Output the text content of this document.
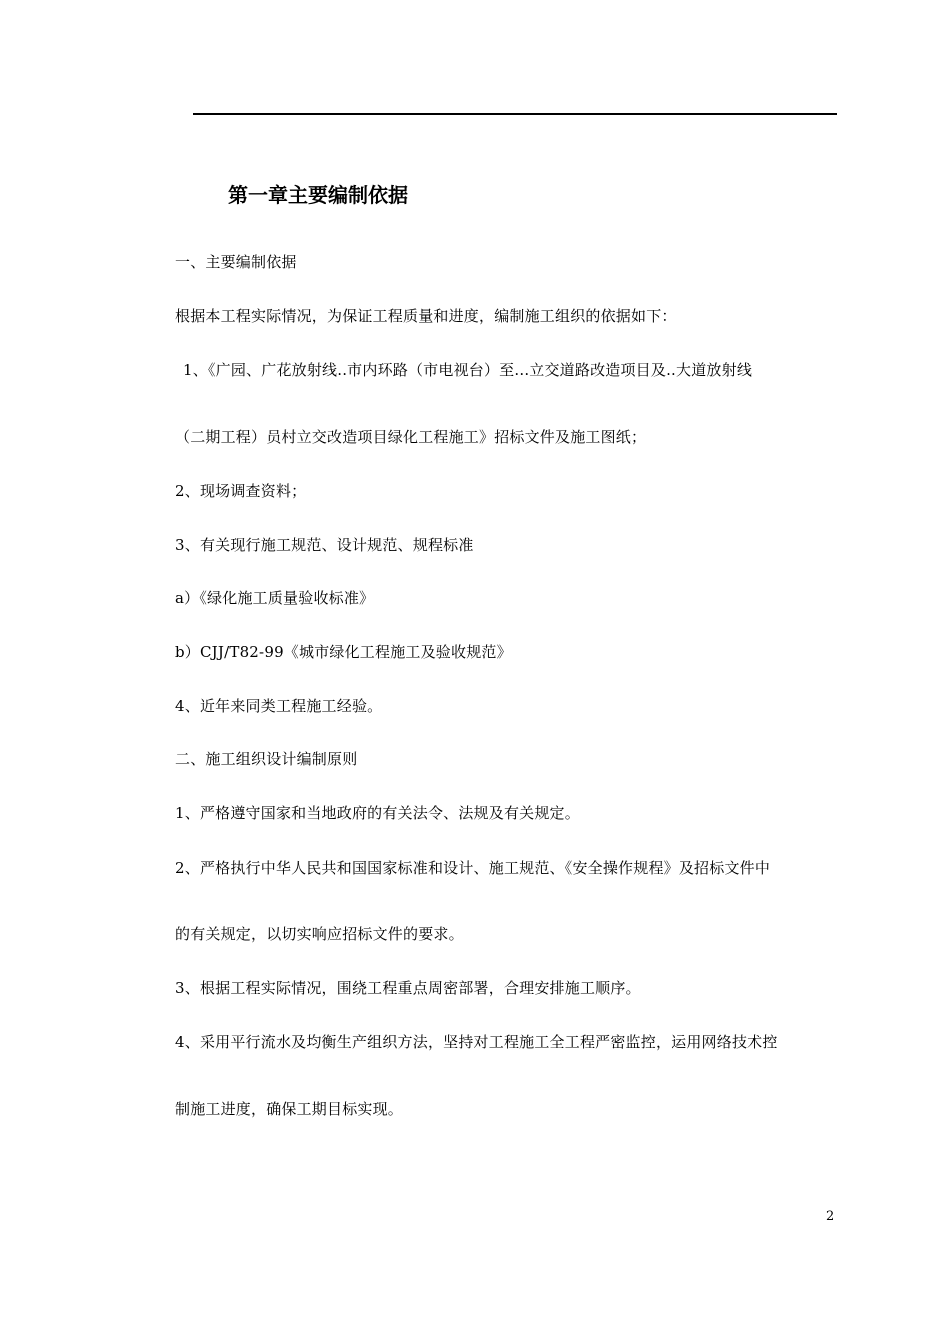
第一章主要编制依据
一、主要编制依据
根据本工程实际情况，为保证工程质量和进度，编制施工组织的依据如下：
1、《广园、广花放射线..市内环路（市电视台）至...立交道路改造项目及..大道放射线
（二期工程）员村立交改造项目绿化工程施工》招标文件及施工图纸；
2、现场调查资料；
3、有关现行施工规范、设计规范、规程标准
a）《绿化施工质量验收标准》
b）CJJ/T82-99《城市绿化工程施工及验收规范》
4、近年来同类工程施工经验。
二、施工组织设计编制原则
1、严格遵守国家和当地政府的有关法令、法规及有关规定。
2、严格执行中华人民共和国国家标准和设计、施工规范、《安全操作规程》及招标文件中
的有关规定，以切实响应招标文件的要求。
3、根据工程实际情况，围绕工程重点周密部署，合理安排施工顺序。
4、采用平行流水及均衡生产组织方法，坚持对工程施工全工程严密监控，运用网络技术控
制施工进度，确保工期目标实现。
2
